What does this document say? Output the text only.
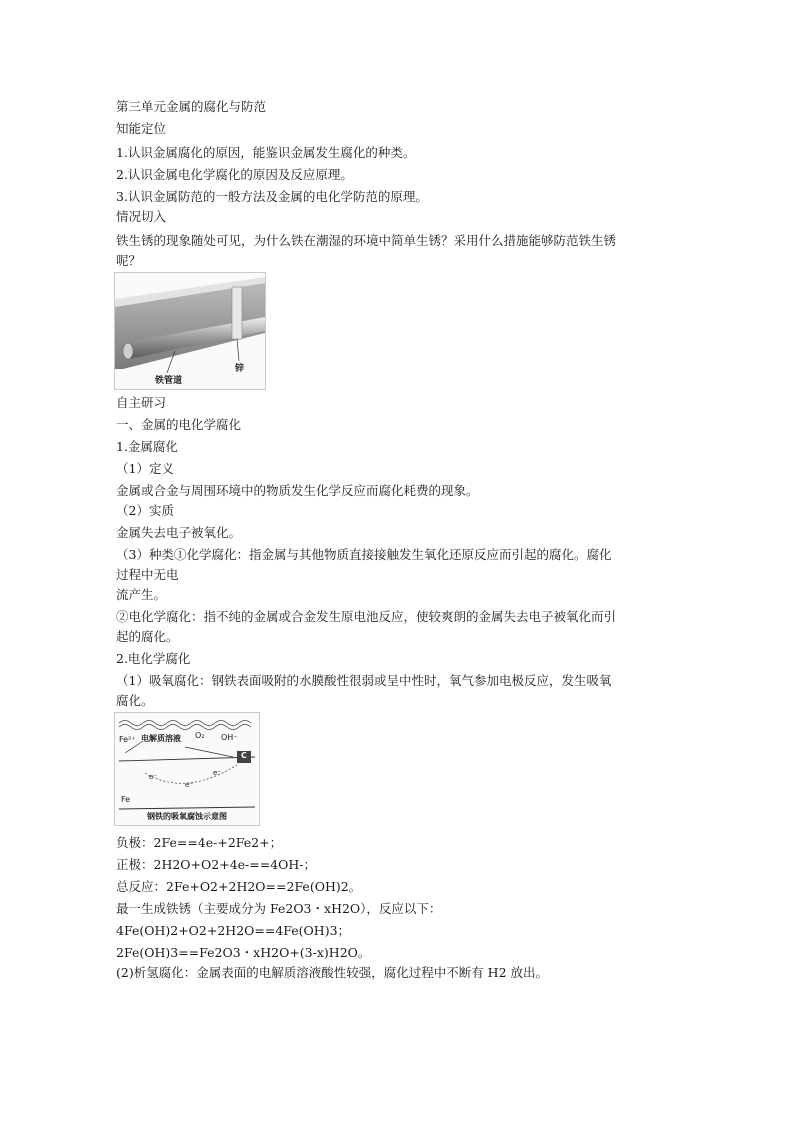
第三单元金属的腐化与防范
知能定位
1.认识金属腐化的原因，能鉴识金属发生腐化的种类。
2.认识金属电化学腐化的原因及反应原理。
3.认识金属防范的一般方法及金属的电化学防范的原理。
情况切入
铁生锈的现象随处可见，为什么铁在潮湿的环境中简单生锈？采用什么措施能够防范铁生锈
呢？
铁管道
锌
自主研习
一、金属的电化学腐化
1.金属腐化
（1）定义
金属或合金与周围环境中的物质发生化学反应而腐化耗费的现象。
（2）实质
金属失去电子被氧化。
（3）种类①化学腐化：指金属与其他物质直接接触发生氧化还原反应而引起的腐化。腐化
过程中无电
流产生。
②电化学腐化：指不纯的金属或合金发生原电池反应，使较爽朗的金属失去电子被氧化而引
起的腐化。
2.电化学腐化
（1）吸氧腐化：钢铁表面吸附的水膜酸性很弱或呈中性时，氧气参加电极反应，发生吸氧
腐化。
Fe²⁺ 电解质溶液 O₂ OH⁻
e⁻
e⁻
e⁻
C
Fe
钢铁的吸氧腐蚀示意图
负极：2Fe==4e-+2Fe2+；
正极：2H2O+O2+4e-==4OH-；
总反应：2Fe+O2+2H2O==2Fe(OH)2。
最一生成铁锈（主要成分为 Fe2O3・xH2O），反应以下：
4Fe(OH)2+O2+2H2O==4Fe(OH)3；
2Fe(OH)3==Fe2O3・xH2O+(3-x)H2O。
(2)析氢腐化：金属表面的电解质溶液酸性较强，腐化过程中不断有 H2 放出。
